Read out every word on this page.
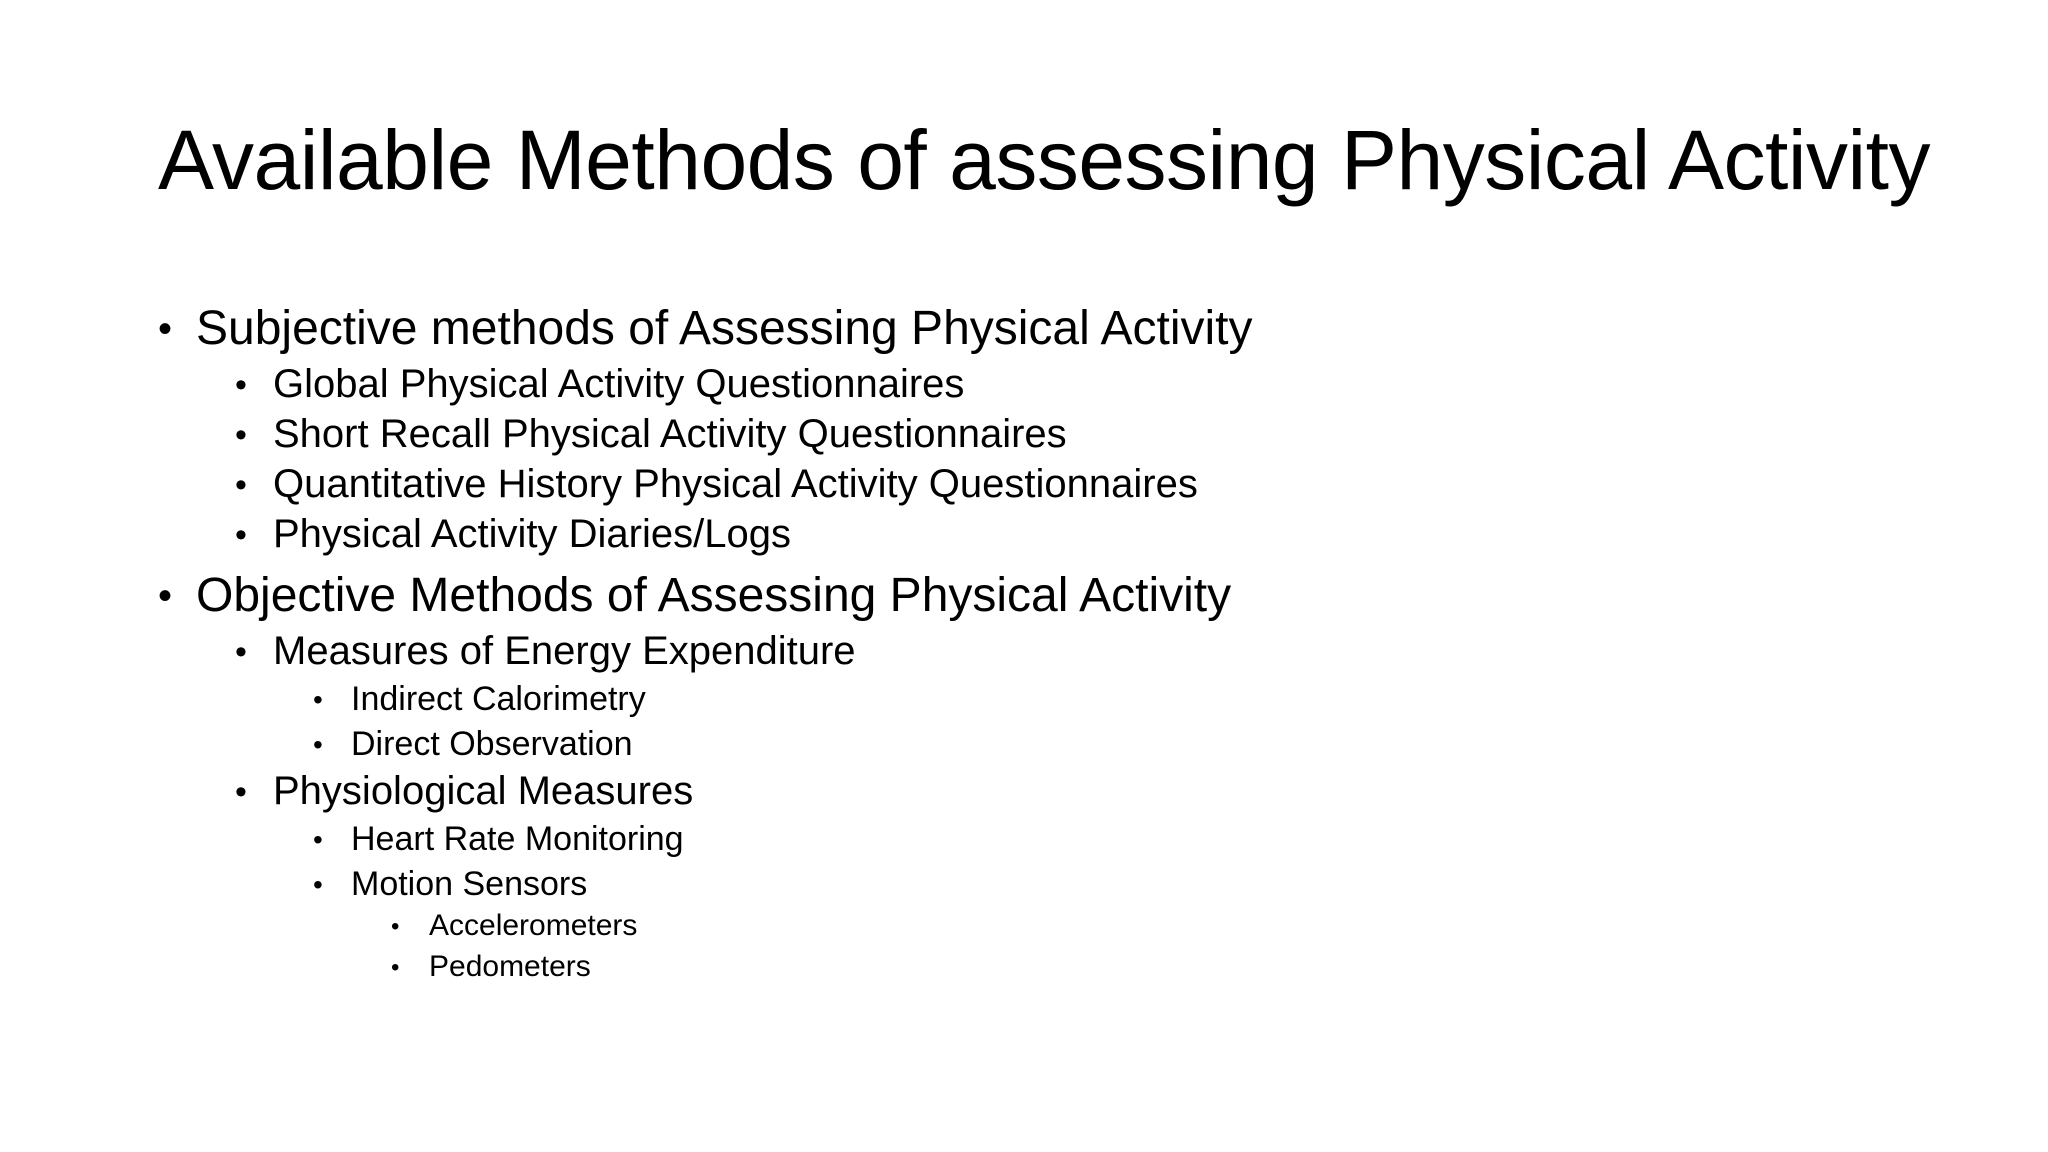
Available Methods of assessing Physical Activity
• Subjective methods of Assessing Physical Activity
• Global Physical Activity Questionnaires
• Short Recall Physical Activity Questionnaires
• Quantitative History Physical Activity Questionnaires
• Physical Activity Diaries/Logs
• Objective Methods of Assessing Physical Activity
• Measures of Energy Expenditure
• Indirect Calorimetry
• Direct Observation
• Physiological Measures
• Heart Rate Monitoring
• Motion Sensors
• Accelerometers
• Pedometers
